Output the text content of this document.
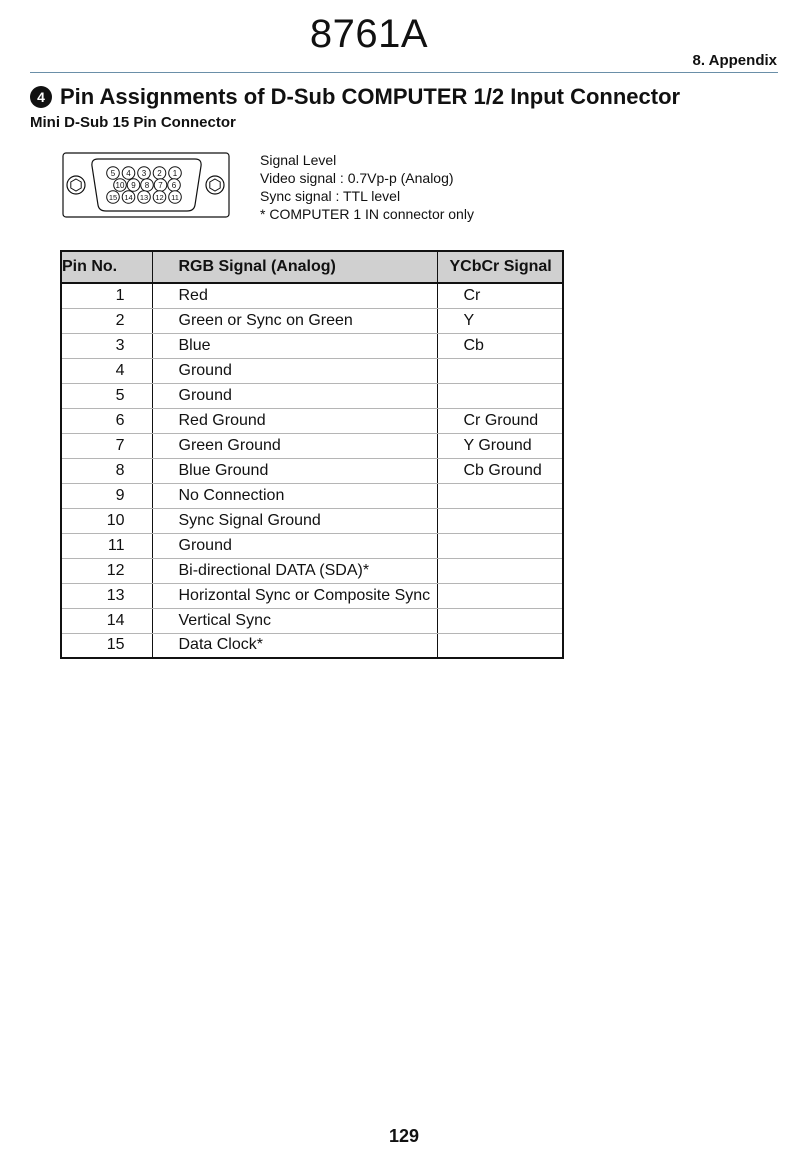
8761A
8. Appendix
4 Pin Assignments of D-Sub COMPUTER 1/2 Input Connector
Mini D-Sub 15 Pin Connector
5 4 3 2 1
10 9 8 7 6
15 14 13 12 11
Signal Level
Video signal : 0.7Vp-p (Analog)
Sync signal : TTL level
* COMPUTER 1 IN connector only
Pin No.	RGB Signal (Analog)	YCbCr Signal
1	Red	Cr
2	Green or Sync on Green	Y
3	Blue	Cb
4	Ground	
5	Ground	
6	Red Ground	Cr Ground
7	Green Ground	Y Ground
8	Blue Ground	Cb Ground
9	No Connection	
10	Sync Signal Ground	
11	Ground	
12	Bi-directional DATA (SDA)*	
13	Horizontal Sync or Composite Sync	
14	Vertical Sync	
15	Data Clock*	
129
